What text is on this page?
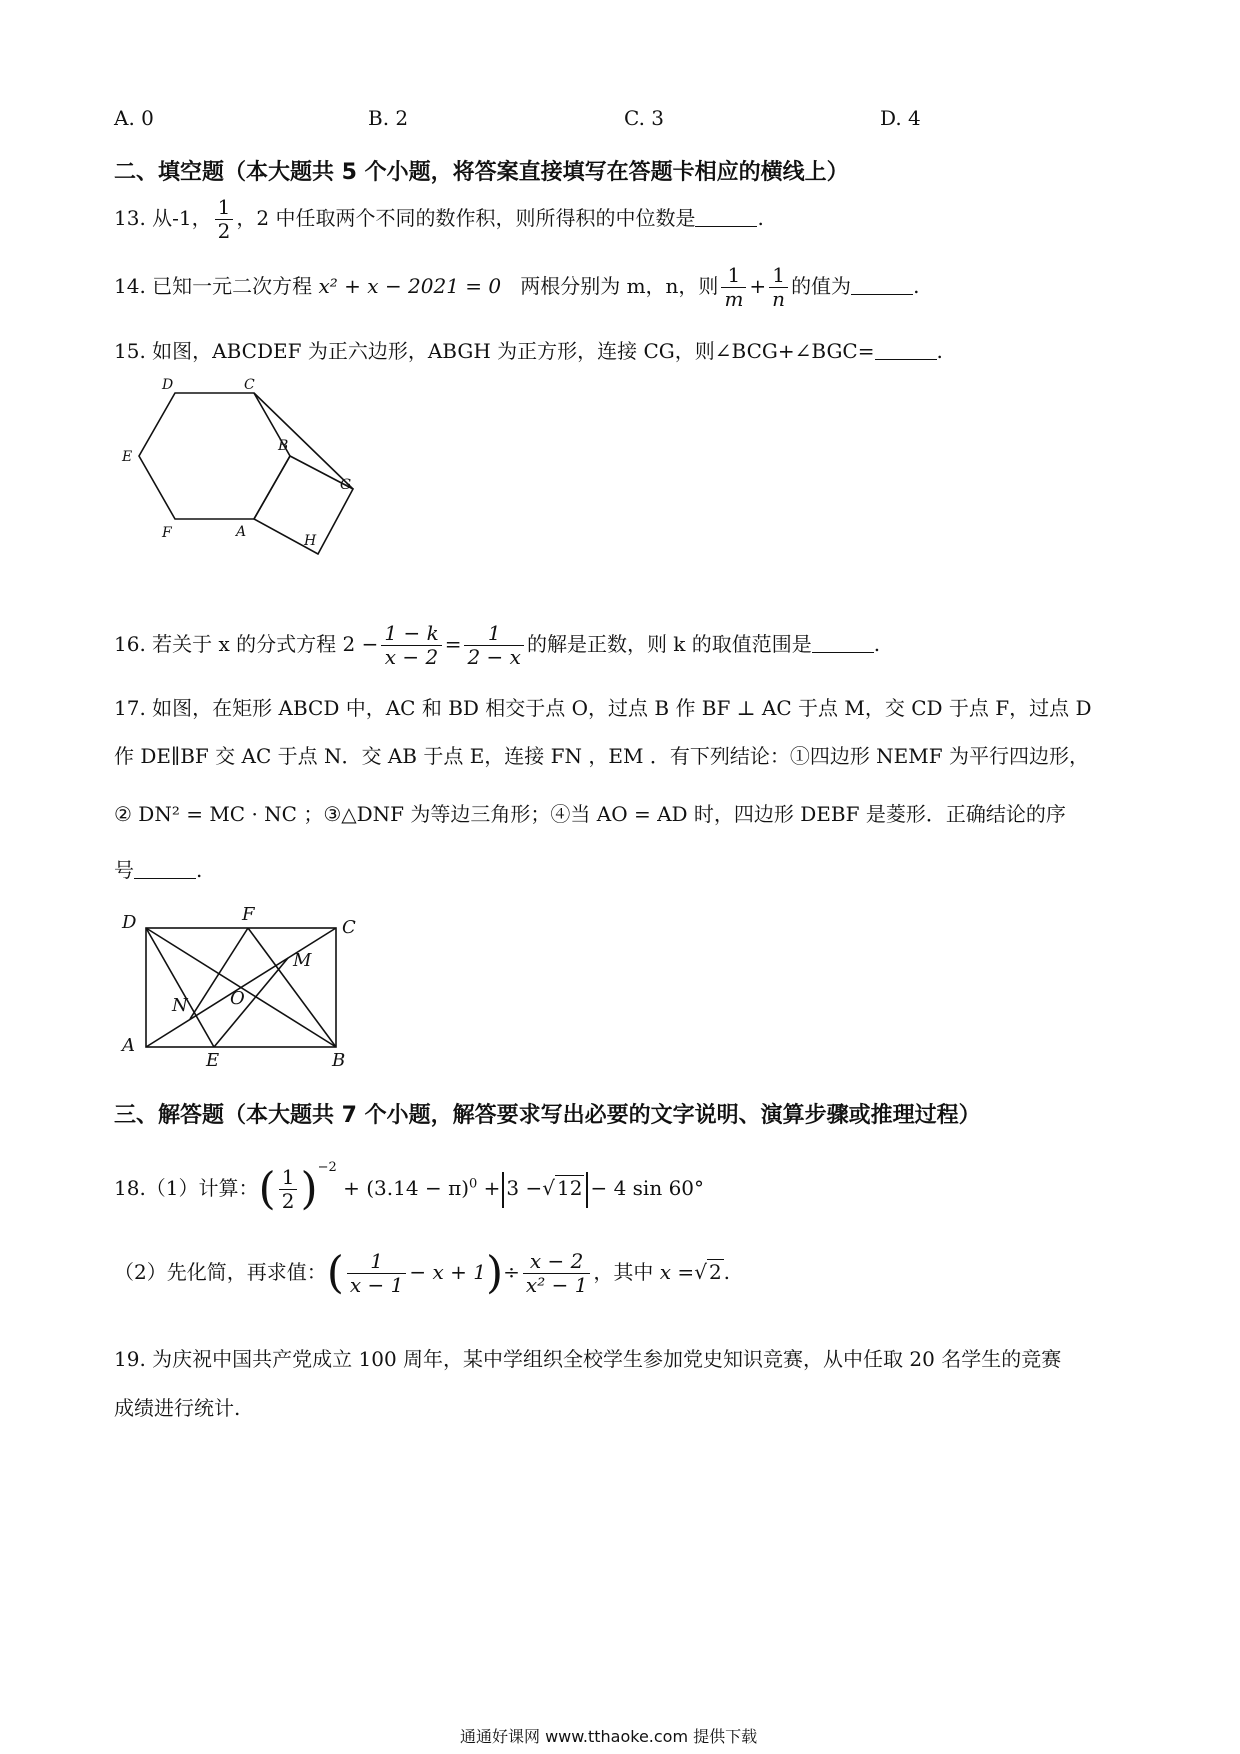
A. 0	B. 2	C. 3	D. 4
二、填空题（本大题共 5 个小题，将答案直接填写在答题卡相应的横线上）
13. 从-1， $\frac{1}{2}$ ，2 中任取两个不同的数作积，则所得积的中位数是	.
14. 已知一元二次方程 x² + x − 2021 = 0 两根分别为 m，n，则 $\frac{1}{m} + \frac{1}{n}$ 的值为	.
15. 如图，ABCDEF 为正六边形，ABGH 为正方形，连接 CG，则∠BCG+∠BGC=	.
D	C
E
B
G
F	A
H
16. 若关于 x 的分式方程 $2 - \frac{1 - k}{x - 2} = \frac{1}{2 - x}$ 的解是正数，则 k 的取值范围是	.
17. 如图，在矩形 ABCD 中，AC 和 BD 相交于点 O，过点 B 作 BF ⊥ AC 于点 M，交 CD 于点 F，过点 D
作 DE∥BF 交 AC 于点 N．交 AB 于点 E，连接 FN ，EM ．有下列结论：①四边形 NEMF 为平行四边形，
② DN² = MC · NC ；③△DNF 为等边三角形；④当 AO = AD 时，四边形 DEBF 是菱形．正确结论的序
号	.
D	F
C
M
N O
A
E	B
三、解答题（本大题共 7 个小题，解答要求写出必要的文字说明、演算步骤或推理过程）
18.（1）计算：( $\frac{1}{2} )^{-2} + (3.14 - \pi)^0 + 3$ −√ 12 − 4 sin 60°
（2）先化简，再求值：( $\frac{1}{x - 1} - x + 1)\div \frac{x - 2}{\text{x² − 1}}$ ，其中 x =√ 2 .
19. 为庆祝中国共产党成立 100 周年，某中学组织全校学生参加党史知识竞赛，从中任取 20 名学生的竞赛
成绩进行统计.
通通好课网 www.tthaoke.com 提供下载
